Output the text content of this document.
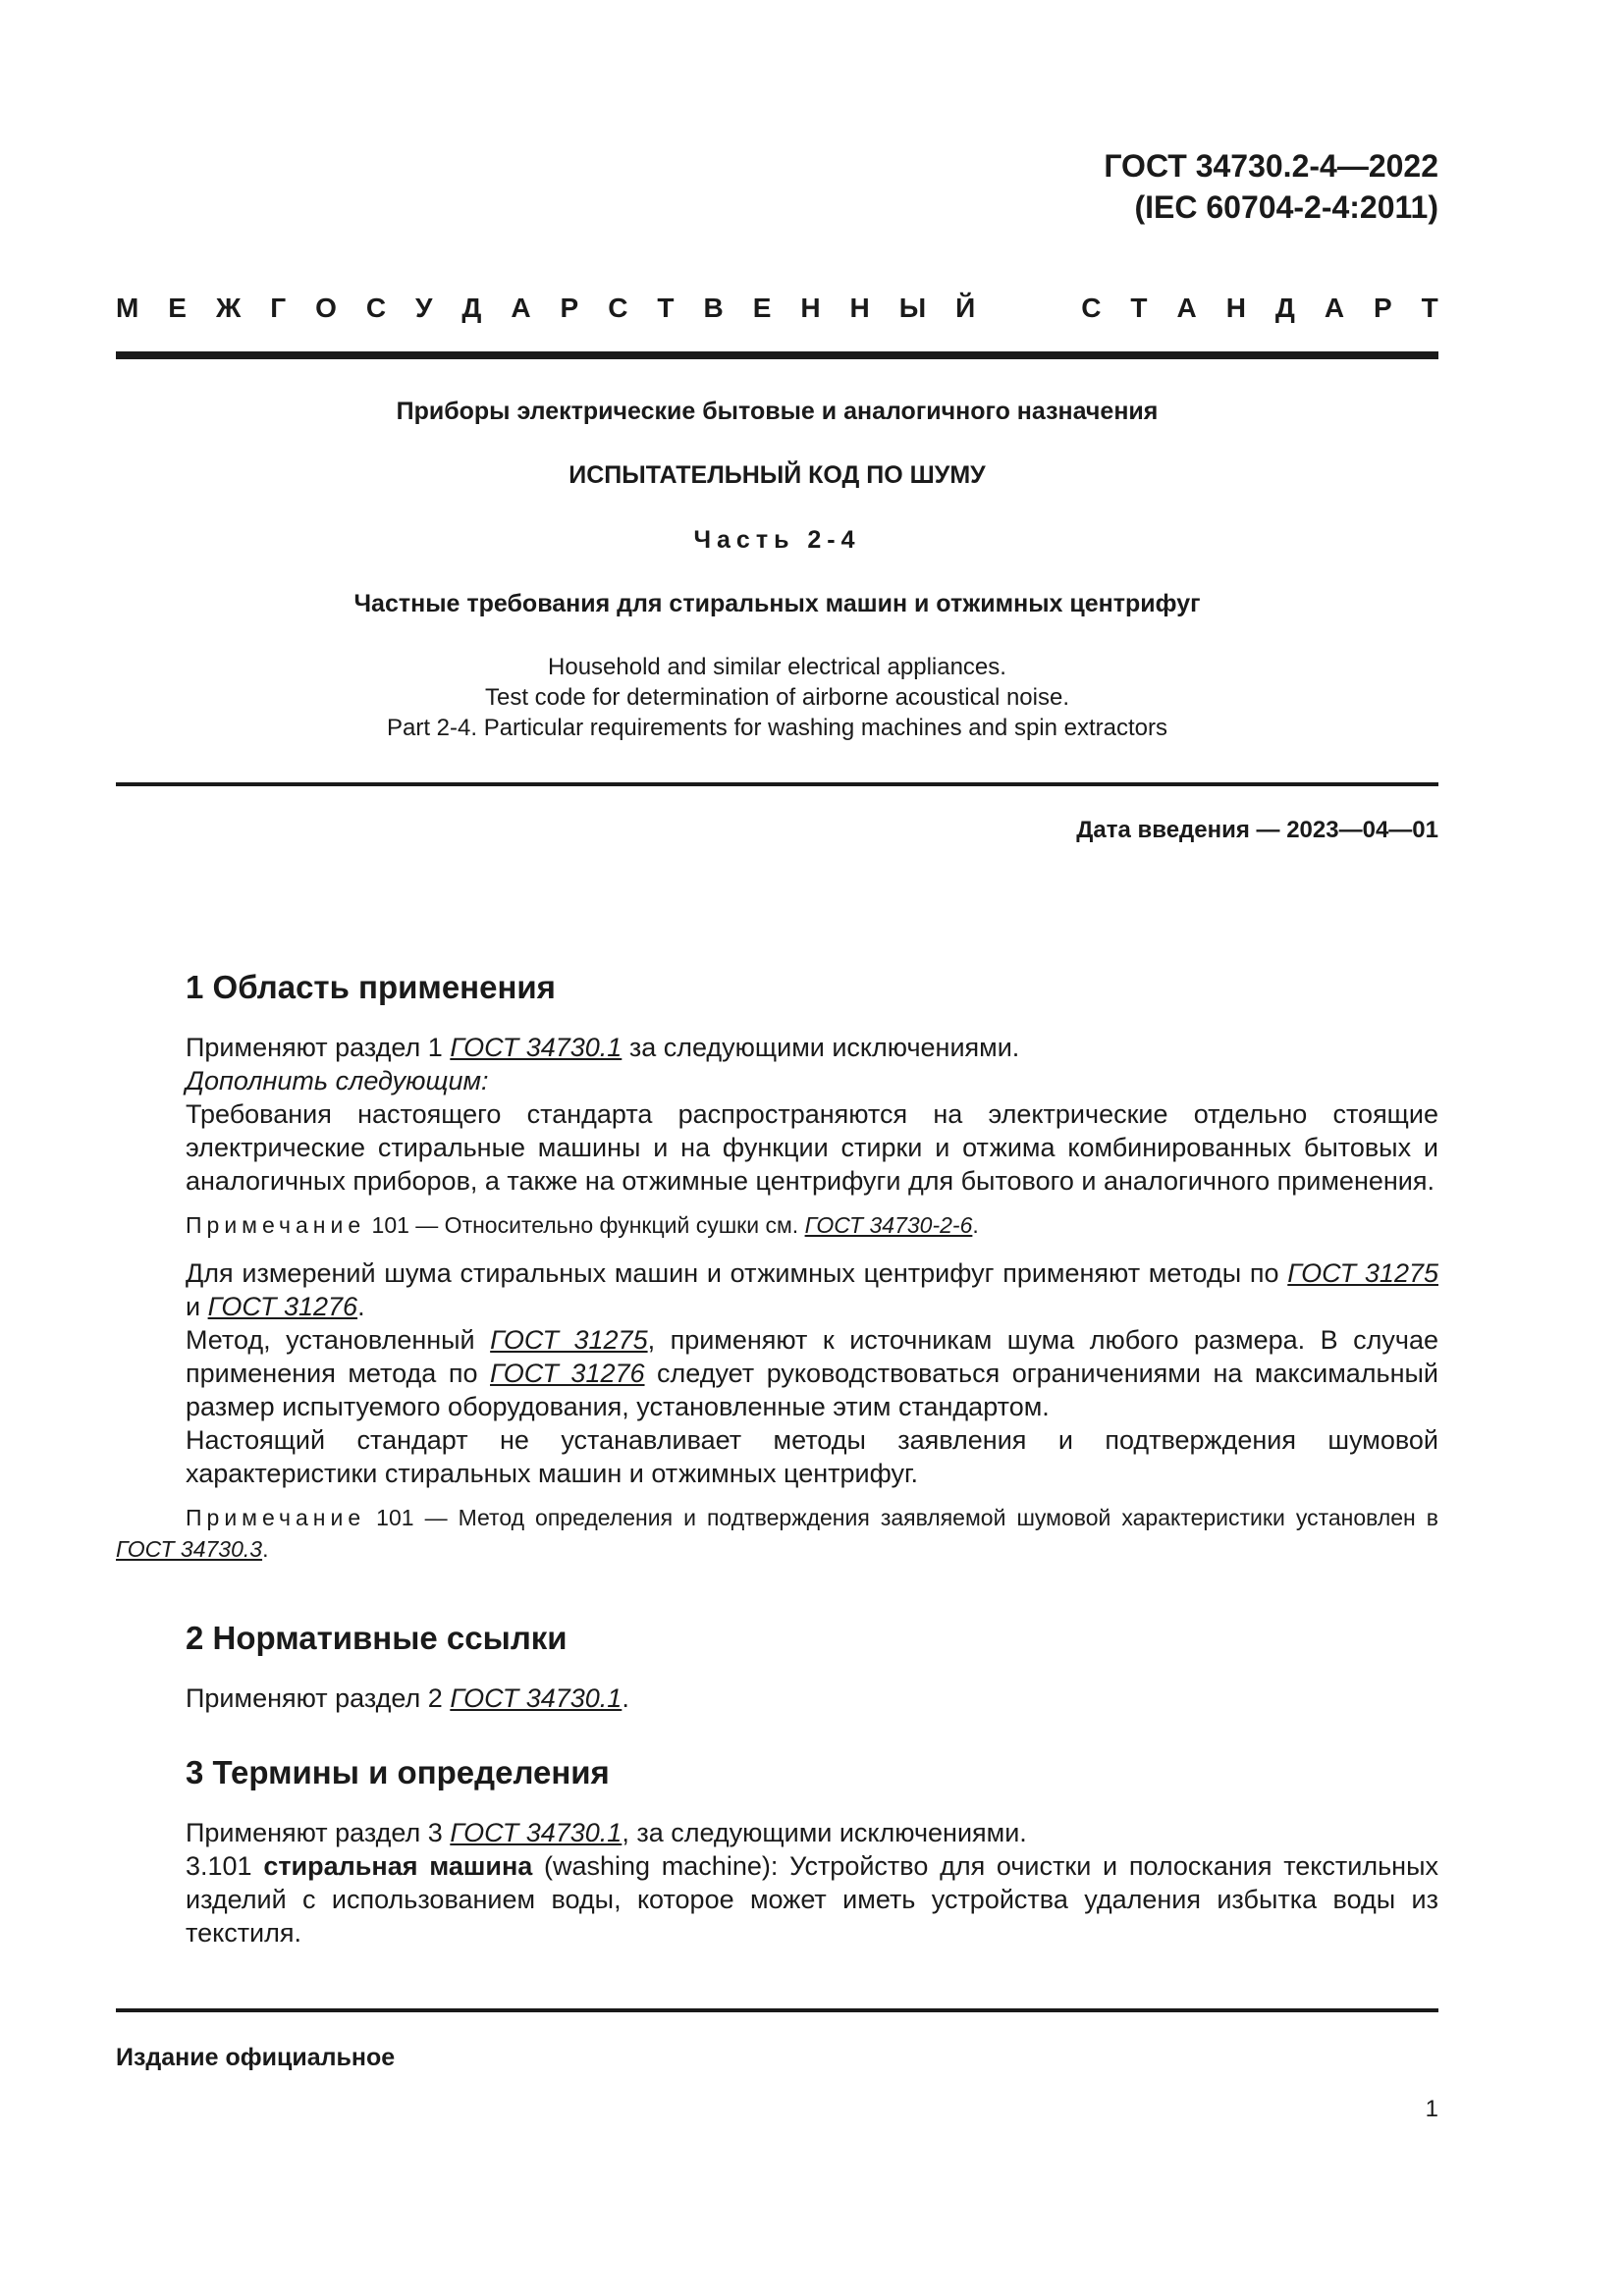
ГОСТ 34730.2-4—2022
(IEC 60704-2-4:2011)
М Е Ж Г О С У Д А Р С Т В Е Н Н Ы Й	С Т А Н Д А Р Т
Приборы электрические бытовые и аналогичного назначения
ИСПЫТАТЕЛЬНЫЙ КОД ПО ШУМУ
Часть 2-4
Частные требования для стиральных машин и отжимных центрифуг
Household and similar electrical appliances.
Test code for determination of airborne acoustical noise.
Part 2-4. Particular requirements for washing machines and spin extractors
Дата введения — 2023—04—01
1 Область применения

Применяют раздел 1 ГОСТ 34730.1 за следующими исключениями.

Дополнить следующим:

Требования настоящего стандарта распространяются на электрические отдельно стоящие электрические стиральные машины и на функции стирки и отжима комбинированных бытовых и аналогичных приборов, а также на отжимные центрифуги для бытового и аналогичного применения.

Примечание 101 — Относительно функций сушки см. ГОСТ 34730-2-6.

Для измерений шума стиральных машин и отжимных центрифуг применяют методы по ГОСТ 31275 и ГОСТ 31276.

Метод, установленный ГОСТ 31275, применяют к источникам шума любого размера. В случае применения метода по ГОСТ 31276 следует руководствоваться ограничениями на максимальный размер испытуемого оборудования, установленные этим стандартом.

Настоящий стандарт не устанавливает методы заявления и подтверждения шумовой характеристики стиральных машин и отжимных центрифуг.

Примечание 101 — Метод определения и подтверждения заявляемой шумовой характеристики установлен в ГОСТ 34730.3.

2 Нормативные ссылки

Применяют раздел 2 ГОСТ 34730.1.

3 Термины и определения

Применяют раздел 3 ГОСТ 34730.1, за следующими исключениями.

3.101 стиральная машина (washing machine): Устройство для очистки и полоскания текстильных изделий с использованием воды, которое может иметь устройства удаления избытка воды из текстиля.

Издание официальное
1
